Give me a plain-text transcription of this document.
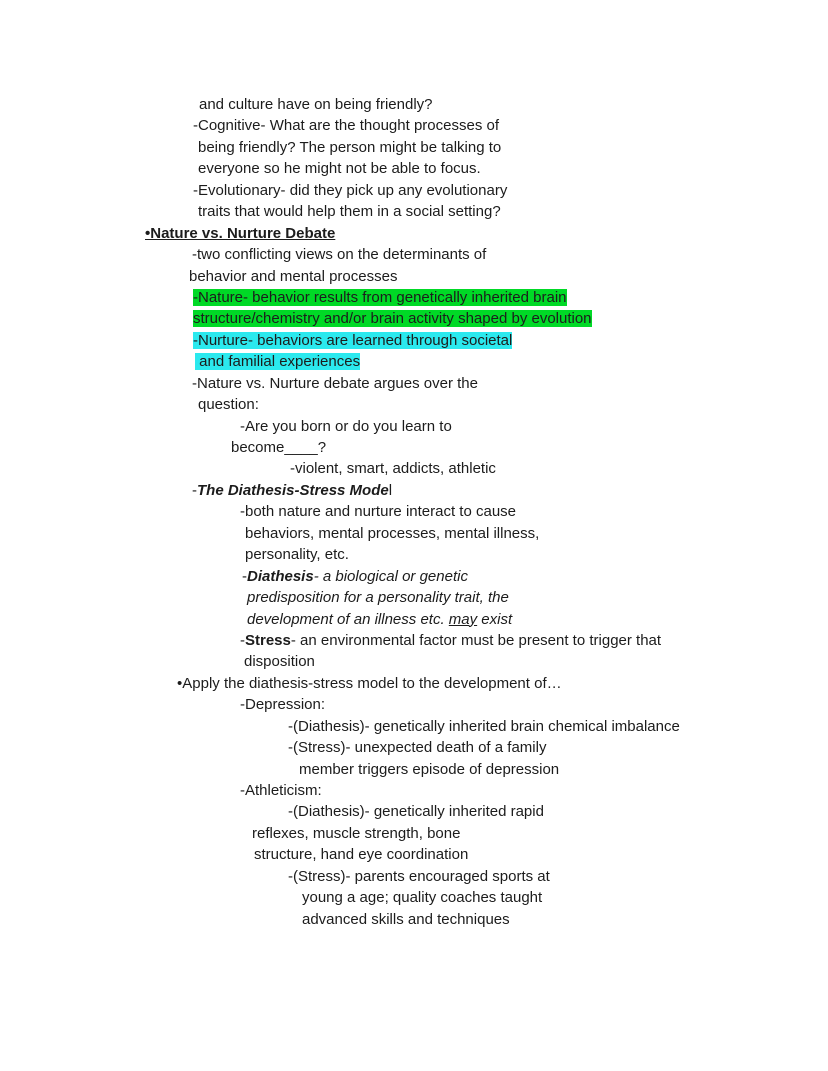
and culture have on being friendly?
-Cognitive- What are the thought processes of
being friendly? The person might be talking to
everyone so he might not be able to focus.
-Evolutionary- did they pick up any evolutionary
traits that would help them in a social setting?
•Nature vs. Nurture Debate
-two conflicting views on the determinants of
behavior and mental processes
-Nature- behavior results from genetically inherited brain
structure/chemistry and/or brain activity shaped by evolution
-Nurture- behaviors are learned through societal
and familial experiences
-Nature vs. Nurture debate argues over the
question:
-Are you born or do you learn to
become____?
-violent, smart, addicts, athletic
-The Diathesis-Stress Model
-both nature and nurture interact to cause
behaviors, mental processes, mental illness,
personality, etc.
-Diathesis- a biological or genetic
predisposition for a personality trait, the
development of an illness etc. may exist
-Stress- an environmental factor must be present to trigger that
disposition
•Apply the diathesis-stress model to the development of…
-Depression:
-(Diathesis)- genetically inherited brain chemical imbalance
-(Stress)- unexpected death of a family
member triggers episode of depression
-Athleticism:
-(Diathesis)- genetically inherited rapid
reflexes, muscle strength, bone
structure, hand eye coordination
-(Stress)- parents encouraged sports at
young a age; quality coaches taught
advanced skills and techniques
